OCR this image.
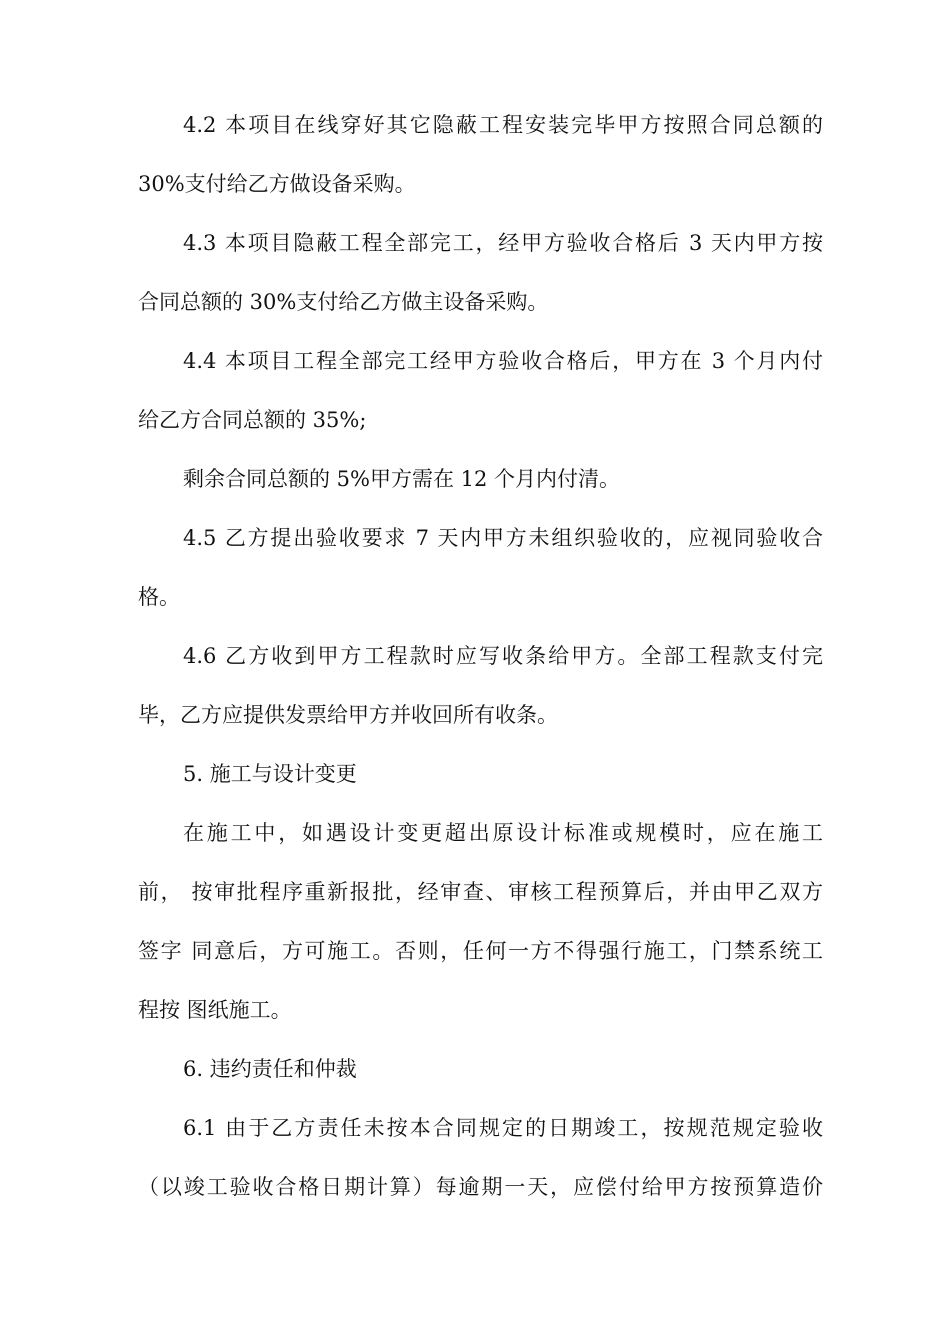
4.2 本项目在线穿好其它隐蔽工程安装完毕甲方按照合同总额的
30%支付给乙方做设备采购。
4.3 本项目隐蔽工程全部完工，经甲方验收合格后 3 天内甲方按
合同总额的 30%支付给乙方做主设备采购。
4.4 本项目工程全部完工经甲方验收合格后，甲方在 3 个月内付
给乙方合同总额的 35%;
剩余合同总额的 5%甲方需在 12 个月内付清。
4.5 乙方提出验收要求 7 天内甲方未组织验收的，应视同验收合
格。
4.6 乙方收到甲方工程款时应写收条给甲方。全部工程款支付完
毕，乙方应提供发票给甲方并收回所有收条。
5. 施工与设计变更
在施工中，如遇设计变更超出原设计标准或规模时，应在施工
前， 按审批程序重新报批，经审查、审核工程预算后，并由甲乙双方
签字 同意后，方可施工。否则，任何一方不得强行施工，门禁系统工
程按 图纸施工。
6. 违约责任和仲裁
6.1 由于乙方责任未按本合同规定的日期竣工，按规范规定验收
（以竣工验收合格日期计算）每逾期一天，应偿付给甲方按预算造价
